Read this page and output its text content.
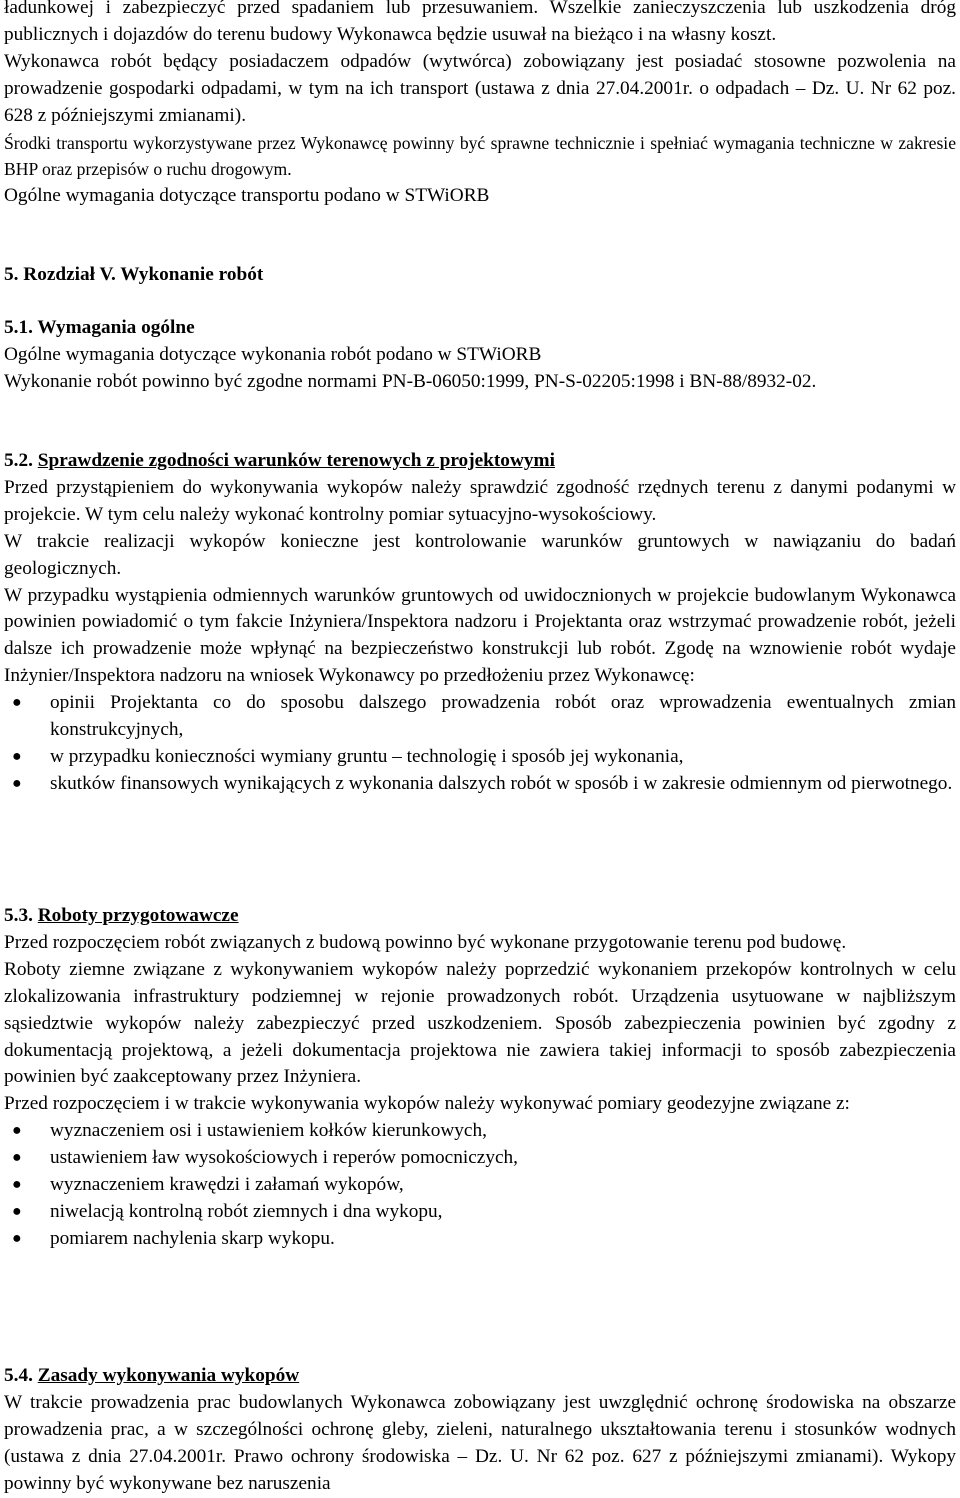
ładunkowej i zabezpieczyć przed spadaniem lub przesuwaniem. Wszelkie zanieczyszczenia lub uszkodzenia dróg publicznych i dojazdów do terenu budowy Wykonawca będzie usuwał na bieżąco i na własny koszt.

Wykonawca robót będący posiadaczem odpadów (wytwórca) zobowiązany jest posiadać stosowne pozwolenia na prowadzenie gospodarki odpadami, w tym na ich transport (ustawa z dnia 27.04.2001r. o odpadach – Dz. U. Nr 62 poz. 628 z późniejszymi zmianami).

Środki transportu wykorzystywane przez Wykonawcę powinny być sprawne technicznie i spełniać wymagania techniczne w zakresie BHP oraz przepisów o ruchu drogowym.

Ogólne wymagania dotyczące transportu podano w STWiORB

5. Rozdział V. Wykonanie robót

5.1. Wymagania ogólne

Ogólne wymagania dotyczące wykonania robót podano w STWiORB

Wykonanie robót powinno być zgodne normami PN-B-06050:1999, PN-S-02205:1998 i BN-88/8932-02.

5.2. Sprawdzenie zgodności warunków terenowych z projektowymi

Przed przystąpieniem do wykonywania wykopów należy sprawdzić zgodność rzędnych terenu z danymi podanymi w projekcie. W tym celu należy wykonać kontrolny pomiar sytuacyjno-wysokościowy.

W trakcie realizacji wykopów konieczne jest kontrolowanie warunków gruntowych w nawiązaniu do badań geologicznych.

W przypadku wystąpienia odmiennych warunków gruntowych od uwidocznionych w projekcie budowlanym Wykonawca powinien powiadomić o tym fakcie Inżyniera/Inspektora nadzoru i Projektanta oraz wstrzymać prowadzenie robót, jeżeli dalsze ich prowadzenie może wpłynąć na bezpieczeństwo konstrukcji lub robót. Zgodę na wznowienie robót wydaje Inżynier/Inspektora nadzoru na wniosek Wykonawcy po przedłożeniu przez Wykonawcę:

● opinii Projektanta co do sposobu dalszego prowadzenia robót oraz wprowadzenia ewentualnych zmian konstrukcyjnych,
● w przypadku konieczności wymiany gruntu – technologię i sposób jej wykonania,
● skutków finansowych wynikających z wykonania dalszych robót w sposób i w zakresie odmiennym od pierwotnego.

5.3. Roboty przygotowawcze

Przed rozpoczęciem robót związanych z budową powinno być wykonane przygotowanie terenu pod budowę.

Roboty ziemne związane z wykonywaniem wykopów należy poprzedzić wykonaniem przekopów kontrolnych w celu zlokalizowania infrastruktury podziemnej w rejonie prowadzonych robót. Urządzenia usytuowane w najbliższym sąsiedztwie wykopów należy zabezpieczyć przed uszkodzeniem. Sposób zabezpieczenia powinien być zgodny z dokumentacją projektową, a jeżeli dokumentacja projektowa nie zawiera takiej informacji to sposób zabezpieczenia powinien być zaakceptowany przez Inżyniera.

Przed rozpoczęciem i w trakcie wykonywania wykopów należy wykonywać pomiary geodezyjne związane z:

● wyznaczeniem osi i ustawieniem kołków kierunkowych,
● ustawieniem ław wysokościowych i reperów pomocniczych,
● wyznaczeniem krawędzi i załamań wykopów,
● niwelacją kontrolną robót ziemnych i dna wykopu,
● pomiarem nachylenia skarp wykopu.

5.4. Zasady wykonywania wykopów

W trakcie prowadzenia prac budowlanych Wykonawca zobowiązany jest uwzględnić ochronę środowiska na obszarze prowadzenia prac, a w szczególności ochronę gleby, zieleni, naturalnego ukształtowania terenu i stosunków wodnych (ustawa z dnia 27.04.2001r. Prawo ochrony środowiska – Dz. U. Nr 62 poz. 627 z późniejszymi zmianami). Wykopy powinny być wykonywane bez naruszenia
